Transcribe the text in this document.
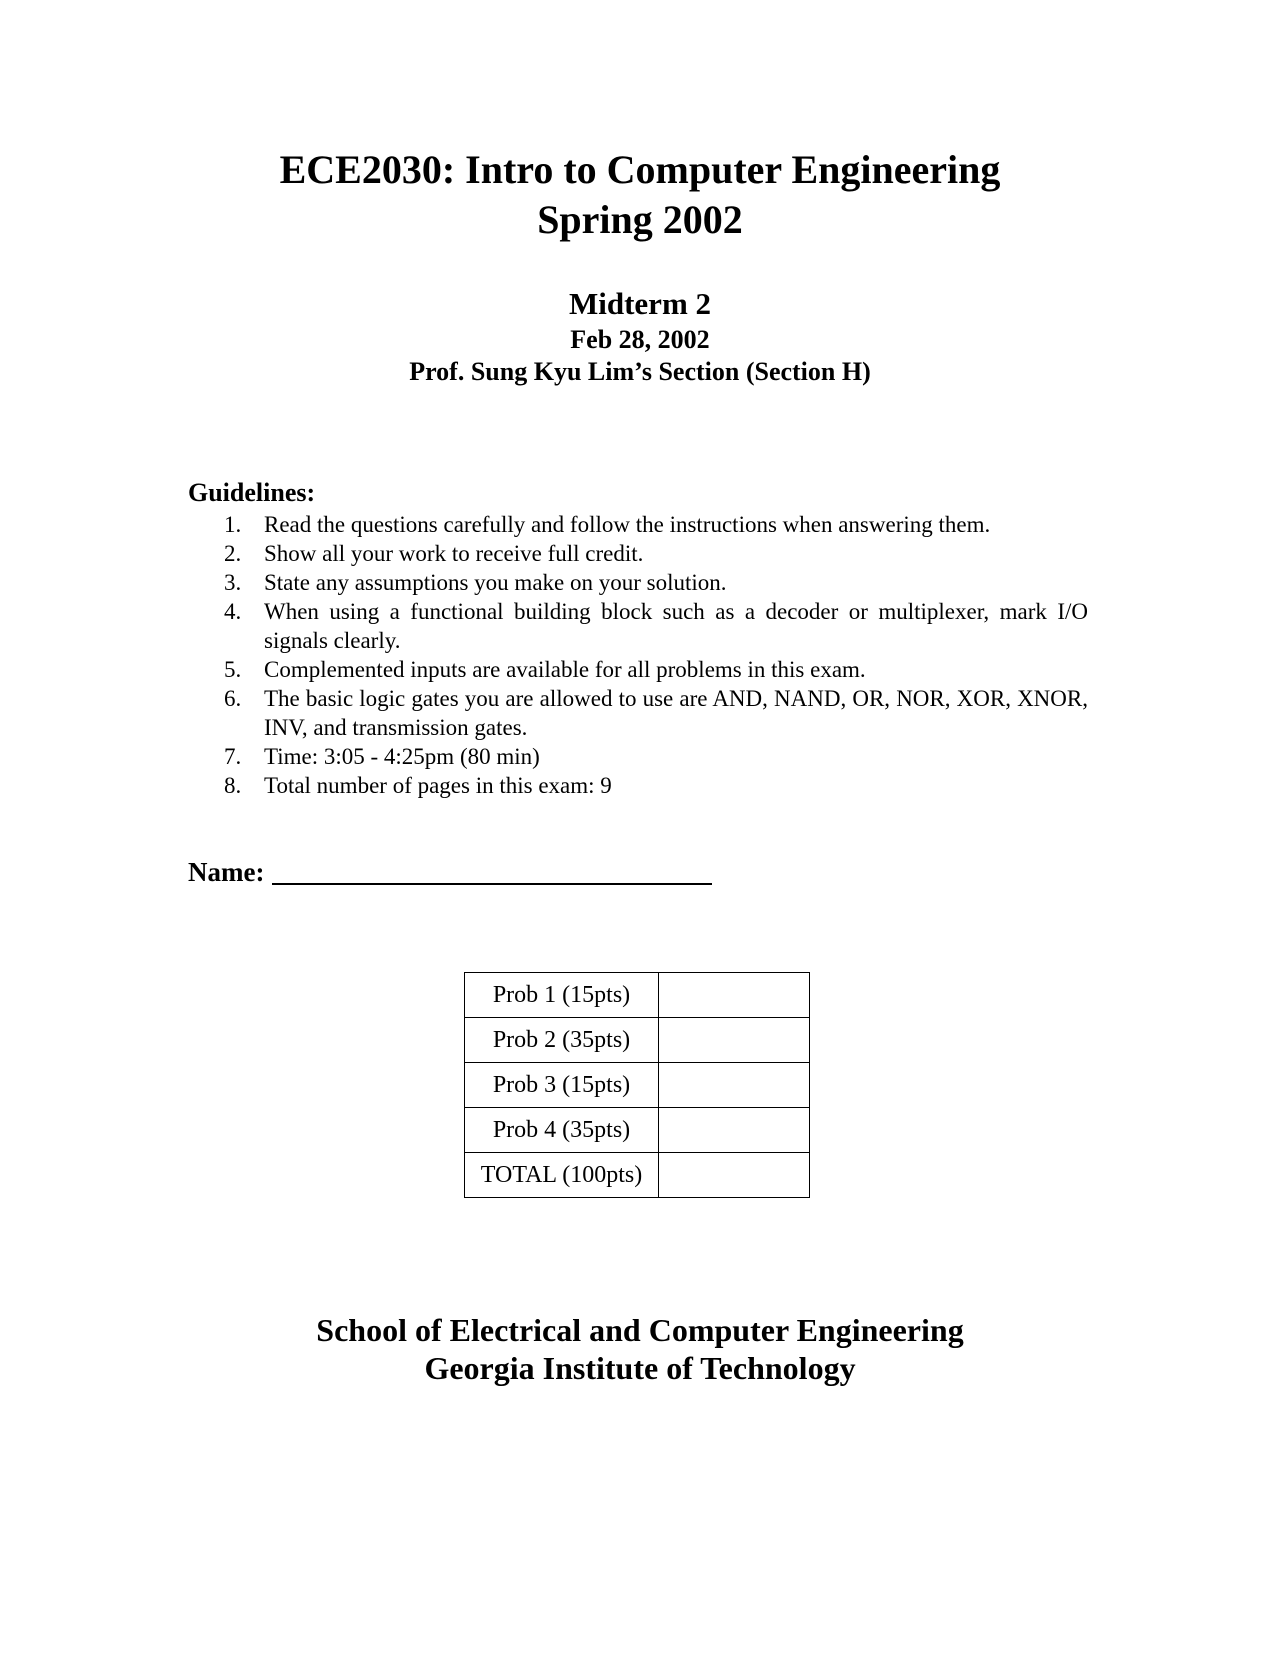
ECE2030: Intro to Computer Engineering
Spring 2002
Midterm 2
Feb 28, 2002
Prof. Sung Kyu Lim’s Section (Section H)
Guidelines:
1. Read the questions carefully and follow the instructions when answering them.
2. Show all your work to receive full credit.
3. State any assumptions you make on your solution.
4. When using a functional building block such as a decoder or multiplexer, mark I/O signals clearly.
5. Complemented inputs are available for all problems in this exam.
6. The basic logic gates you are allowed to use are AND, NAND, OR, NOR, XOR, XNOR, INV, and transmission gates.
7. Time: 3:05 - 4:25pm (80 min)
8. Total number of pages in this exam: 9
Name:
Prob 1 (15pts)	
Prob 2 (35pts)	
Prob 3 (15pts)	
Prob 4 (35pts)	
TOTAL (100pts)	
School of Electrical and Computer Engineering
Georgia Institute of Technology
